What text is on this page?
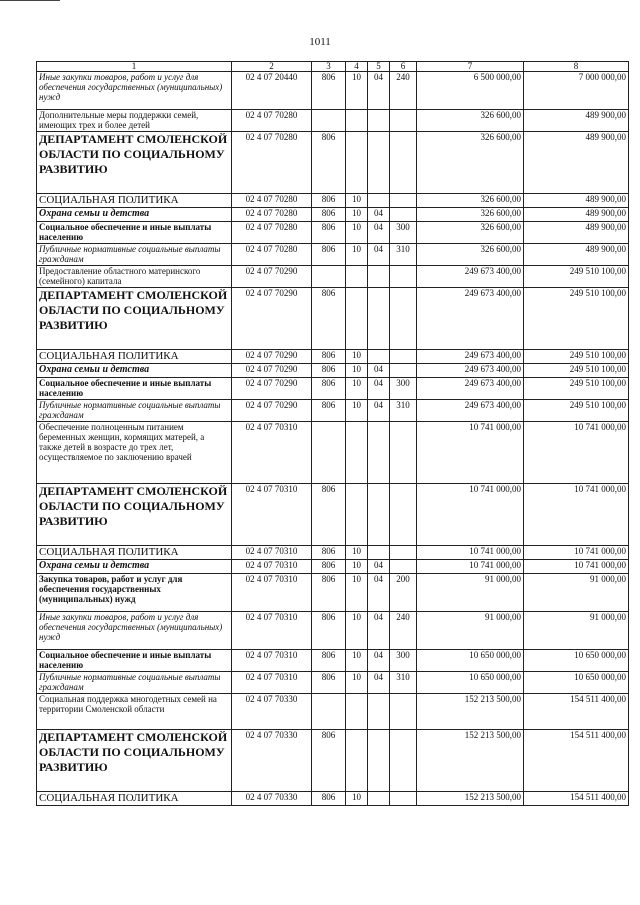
1011
1	2	3	4	5	6	7	8
Иные закупки товаров, работ и услуг для обеспечения государственных (муниципальных) нужд	02 4 07 20440	806	10	04	240	6 500 000,00	7 000 000,00
Дополнительные меры поддержки семей, имеющих трех и более детей	02 4 07 70280					326 600,00	489 900,00
ДЕПАРТАМЕНТ СМОЛЕНСКОЙ ОБЛАСТИ ПО СОЦИАЛЬНОМУ РАЗВИТИЮ	02 4 07 70280	806				326 600,00	489 900,00
СОЦИАЛЬНАЯ ПОЛИТИКА	02 4 07 70280	806	10			326 600,00	489 900,00
Охрана семьи и детства	02 4 07 70280	806	10	04		326 600,00	489 900,00
Социальное обеспечение и иные выплаты населению	02 4 07 70280	806	10	04	300	326 600,00	489 900,00
Публичные нормативные социальные выплаты гражданам	02 4 07 70280	806	10	04	310	326 600,00	489 900,00
Предоставление областного материнского (семейного) капитала	02 4 07 70290					249 673 400,00	249 510 100,00
ДЕПАРТАМЕНТ СМОЛЕНСКОЙ ОБЛАСТИ ПО СОЦИАЛЬНОМУ РАЗВИТИЮ	02 4 07 70290	806				249 673 400,00	249 510 100,00
СОЦИАЛЬНАЯ ПОЛИТИКА	02 4 07 70290	806	10			249 673 400,00	249 510 100,00
Охрана семьи и детства	02 4 07 70290	806	10	04		249 673 400,00	249 510 100,00
Социальное обеспечение и иные выплаты населению	02 4 07 70290	806	10	04	300	249 673 400,00	249 510 100,00
Публичные нормативные социальные выплаты гражданам	02 4 07 70290	806	10	04	310	249 673 400,00	249 510 100,00
Обеспечение полноценным питанием беременных женщин, кормящих матерей, а также детей в возрасте до трех лет, осуществляемое по заключению врачей	02 4 07 70310					10 741 000,00	10 741 000,00
ДЕПАРТАМЕНТ СМОЛЕНСКОЙ ОБЛАСТИ ПО СОЦИАЛЬНОМУ РАЗВИТИЮ	02 4 07 70310	806				10 741 000,00	10 741 000,00
СОЦИАЛЬНАЯ ПОЛИТИКА	02 4 07 70310	806	10			10 741 000,00	10 741 000,00
Охрана семьи и детства	02 4 07 70310	806	10	04		10 741 000,00	10 741 000,00
Закупка товаров, работ и услуг для обеспечения государственных (муниципальных) нужд	02 4 07 70310	806	10	04	200	91 000,00	91 000,00
Иные закупки товаров, работ и услуг для обеспечения государственных (муниципальных) нужд	02 4 07 70310	806	10	04	240	91 000,00	91 000,00
Социальное обеспечение и иные выплаты населению	02 4 07 70310	806	10	04	300	10 650 000,00	10 650 000,00
Публичные нормативные социальные выплаты гражданам	02 4 07 70310	806	10	04	310	10 650 000,00	10 650 000,00
Социальная поддержка многодетных семей на территории Смоленской области	02 4 07 70330					152 213 500,00	154 511 400,00
ДЕПАРТАМЕНТ СМОЛЕНСКОЙ ОБЛАСТИ ПО СОЦИАЛЬНОМУ РАЗВИТИЮ	02 4 07 70330	806				152 213 500,00	154 511 400,00
СОЦИАЛЬНАЯ ПОЛИТИКА	02 4 07 70330	806	10			152 213 500,00	154 511 400,00
